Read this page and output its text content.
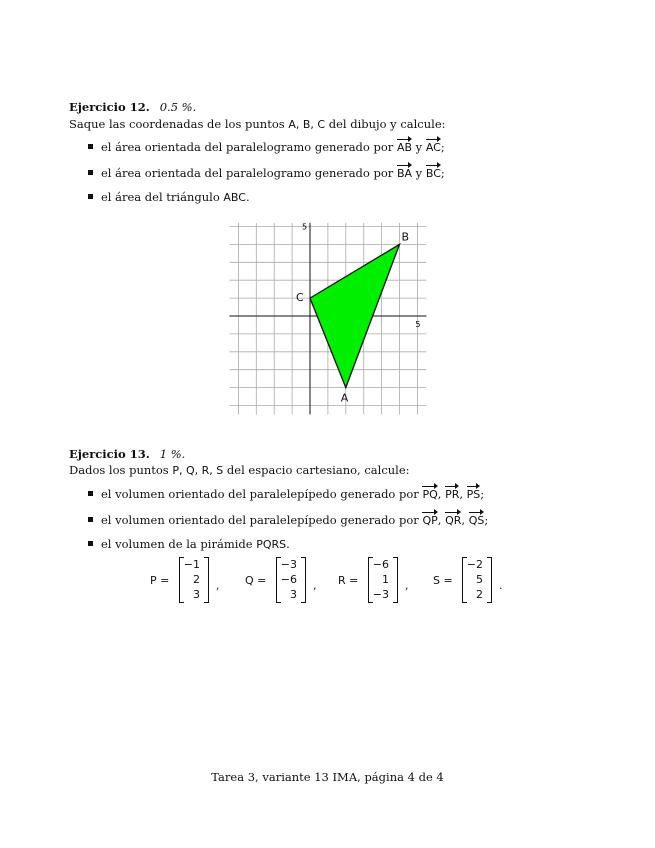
Ejercicio 12. 0.5 %.
Saque las coordenadas de los puntos A, B, C del dibujo y calcule:
el área orientada del paralelogramo generado por AB y AC;
el área orientada del paralelogramo generado por BA y BC;
el área del triángulo ABC.
A
B
C
5
5
Ejercicio 13. 1 %.
Dados los puntos P, Q, R, S del espacio cartesiano, calcule:
el volumen orientado del paralelepípedo generado por PQ, PR, PS;
el volumen orientado del paralelepípedo generado por QP, QR, QS;
el volumen de la pirámide PQRS.
P =
−1
2
3
, Q =
−3
−6
3
, R =
−6
1
−3
, S =
−2
5
2
.
Tarea 3, variante 13 IMA, página 4 de 4
